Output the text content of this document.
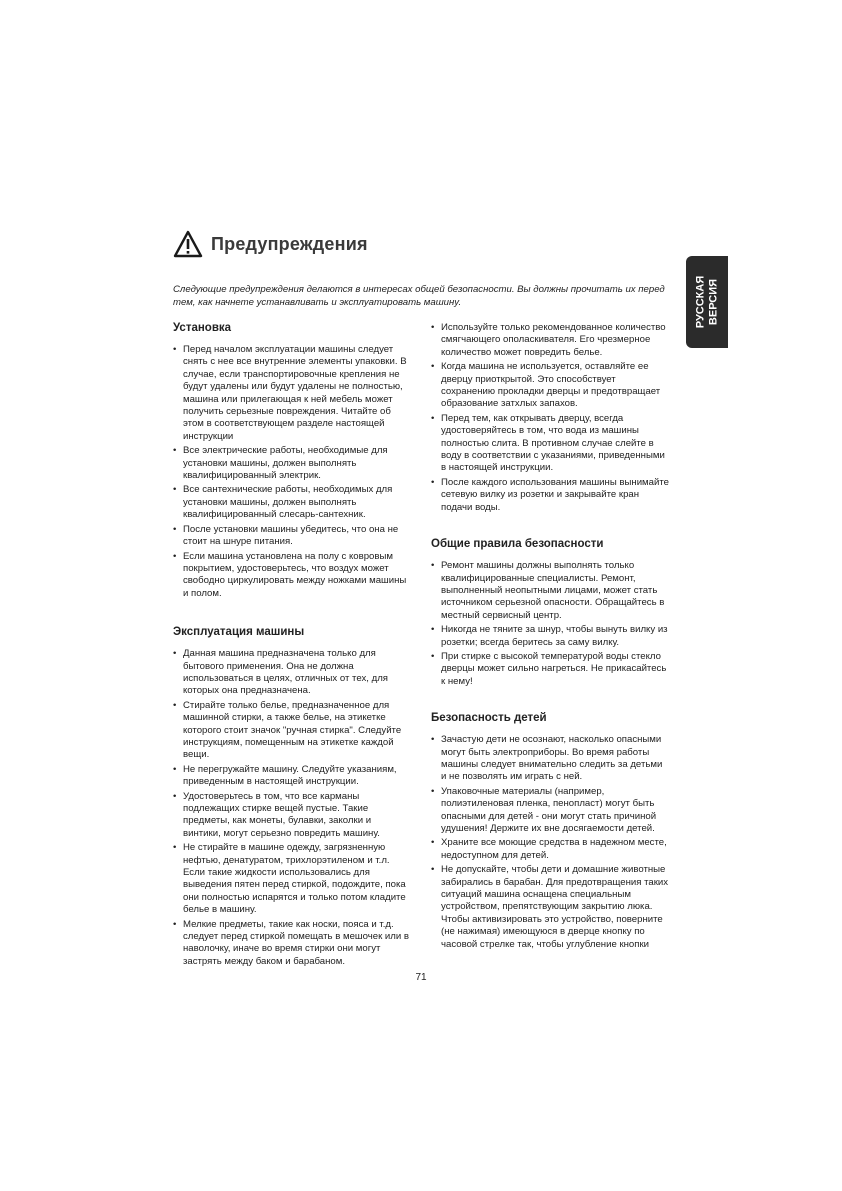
Предупреждения
РУССКАЯ ВЕРСИЯ
Следующие предупреждения делаются в интересах общей безопасности. Вы должны прочитать их перед тем, как начнете устанавливать и эксплуатировать машину.
Установка
• Перед началом эксплуатации машины следует снять с нее все внутренние элементы упаковки. В случае, если транспортировочные крепления не будут удалены или будут удалены не полностью, машина или прилегающая к ней мебель может получить серьезные повреждения. Читайте об этом в соответствующем разделе настоящей инструкции
• Все электрические работы, необходимые для установки машины, должен выполнять квалифицированный электрик.
• Все сантехнические работы, необходимых для установки машины, должен выполнять квалифицированный слесарь-сантехник.
• После установки машины убедитесь, что она не стоит на шнуре питания.
• Если машина установлена на полу с ковровым покрытием, удостоверьтесь, что воздух может свободно циркулировать между ножками машины и полом.
Эксплуатация машины
• Данная машина предназначена только для бытового применения. Она не должна использоваться в целях, отличных от тех, для которых она предназначена.
• Стирайте только белье, предназначенное для машинной стирки, а также белье, на этикетке которого стоит значок "ручная стирка". Следуйте инструкциям, помещенным на этикетке каждой вещи.
• Не перегружайте машину. Следуйте указаниям, приведенным в настоящей инструкции.
• Удостоверьтесь в том, что все карманы подлежащих стирке вещей пустые. Такие предметы, как монеты, булавки, заколки и винтики, могут серьезно повредить машину.
• Не стирайте в машине одежду, загрязненную нефтью, денатуратом, трихлорэтиленом и т.л. Если такие жидкости использовались для выведения пятен перед стиркой, подождите, пока они полностью испарятся и только потом кладите белье в машину.
• Мелкие предметы, такие как носки, пояса и т.д. следует перед стиркой помещать в мешочек или в наволочку, иначе во время стирки они могут застрять между баком и барабаном.
• Используйте только рекомендованное количество смягчающего ополаскивателя. Его чрезмерное количество может повредить белье.
• Когда машина не используется, оставляйте ее дверцу приоткрытой. Это способствует сохранению прокладки дверцы и предотвращает образование затхлых запахов.
• Перед тем, как открывать дверцу, всегда удостоверяйтесь в том, что вода из машины полностью слита. В противном случае слейте в воду в соответствии с указаниями, приведенными в настоящей инструкции.
• После каждого использования машины вынимайте сетевую вилку из розетки и закрывайте кран подачи воды.
Общие правила безопасности
• Ремонт машины должны выполнять только квалифицированные специалисты. Ремонт, выполненный неопытными лицами, может стать источником серьезной опасности. Обращайтесь в местный сервисный центр.
• Никогда не тяните за шнур, чтобы вынуть вилку из розетки; всегда беритесь за саму вилку.
• При стирке с высокой температурой воды стекло дверцы может сильно нагреться. Не прикасайтесь к нему!
Безопасность детей
• Зачастую дети не осознают, насколько опасными могут быть электроприборы. Во время работы машины следует внимательно следить за детьми и не позволять им играть с ней.
• Упаковочные материалы (например, полиэтиленовая пленка, пенопласт) могут быть опасными для детей - они могут стать причиной удушения! Держите их вне досягаемости детей.
• Храните все моющие средства в надежном месте, недоступном для детей.
• Не допускайте, чтобы дети и домашние животные забирались в барабан. Для предотвращения таких ситуаций машина оснащена специальным устройством, препятствующим закрытию люка. Чтобы активизировать это устройство, поверните (не нажимая) имеющуюся в дверце кнопку по часовой стрелке так, чтобы углубление кнопки
71
